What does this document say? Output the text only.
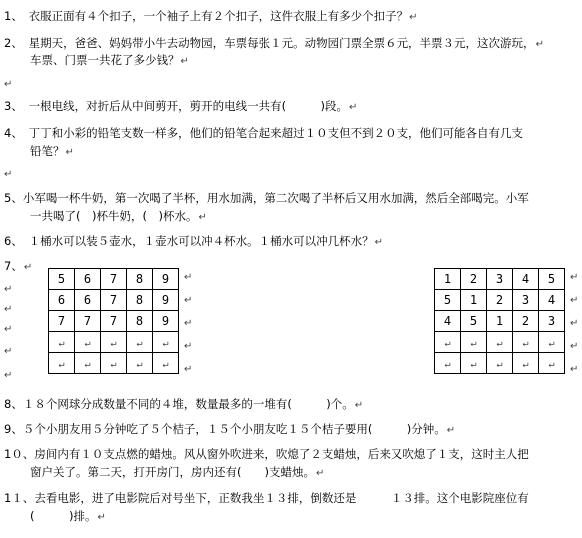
1、　衣服正面有４个扣子，一个袖子上有２个扣子，这件衣服上有多少个扣子？↵
2、　星期天，爸爸、妈妈带小牛去动物园，车票每张１元。动物园门票全票６元，半票３元，这次游玩，↵
车票、门票一共花了多少钱？↵
↵
3、　一根电线，对折后从中间剪开，剪开的电线一共有(　　　)段。↵
4、　丁丁和小彩的铅笔支数一样多，他们的铅笔合起来超过１０支但不到２０支，他们可能各自有几支
铅笔？↵
↵
5、小军喝一杯牛奶，第一次喝了半杯，用水加满，第二次喝了半杯后又用水加满，然后全部喝完。小军
一共喝了(　)杯牛奶，(　)杯水。↵
6、　１桶水可以装５壶水，１壶水可以冲４杯水。１桶水可以冲几杯水？↵
7、↵
↵
↵
↵
↵
↵
5	6	7	8	9
6	6	7	8	9
7	7	7	8	9
↵	↵	↵	↵	↵
↵	↵	↵	↵	↵
↵
↵
↵
↵
↵
1	2	3	4	5
5	1	2	3	4
4	5	1	2	3
↵	↵	↵	↵	↵
↵	↵	↵	↵	↵
↵
↵
↵
↵
↵
8、１８个网球分成数量不同的４堆，数量最多的一堆有(　　　)个。↵
9、５个小朋友用５分钟吃了５个桔子，１５个小朋友吃１５个桔子要用(　　　)分钟。↵
1０、房间内有１０支点燃的蜡烛。风从窗外吹进来，吹熄了２支蜡烛，后来又吹熄了１支，这时主人把
窗户关了。第二天，打开房门，房内还有(　　)支蜡烛。↵
1１、去看电影，进了电影院后对号坐下，正数我坐１３排，倒数还是　　　１３排。这个电影院座位有
(　　　)排。↵
